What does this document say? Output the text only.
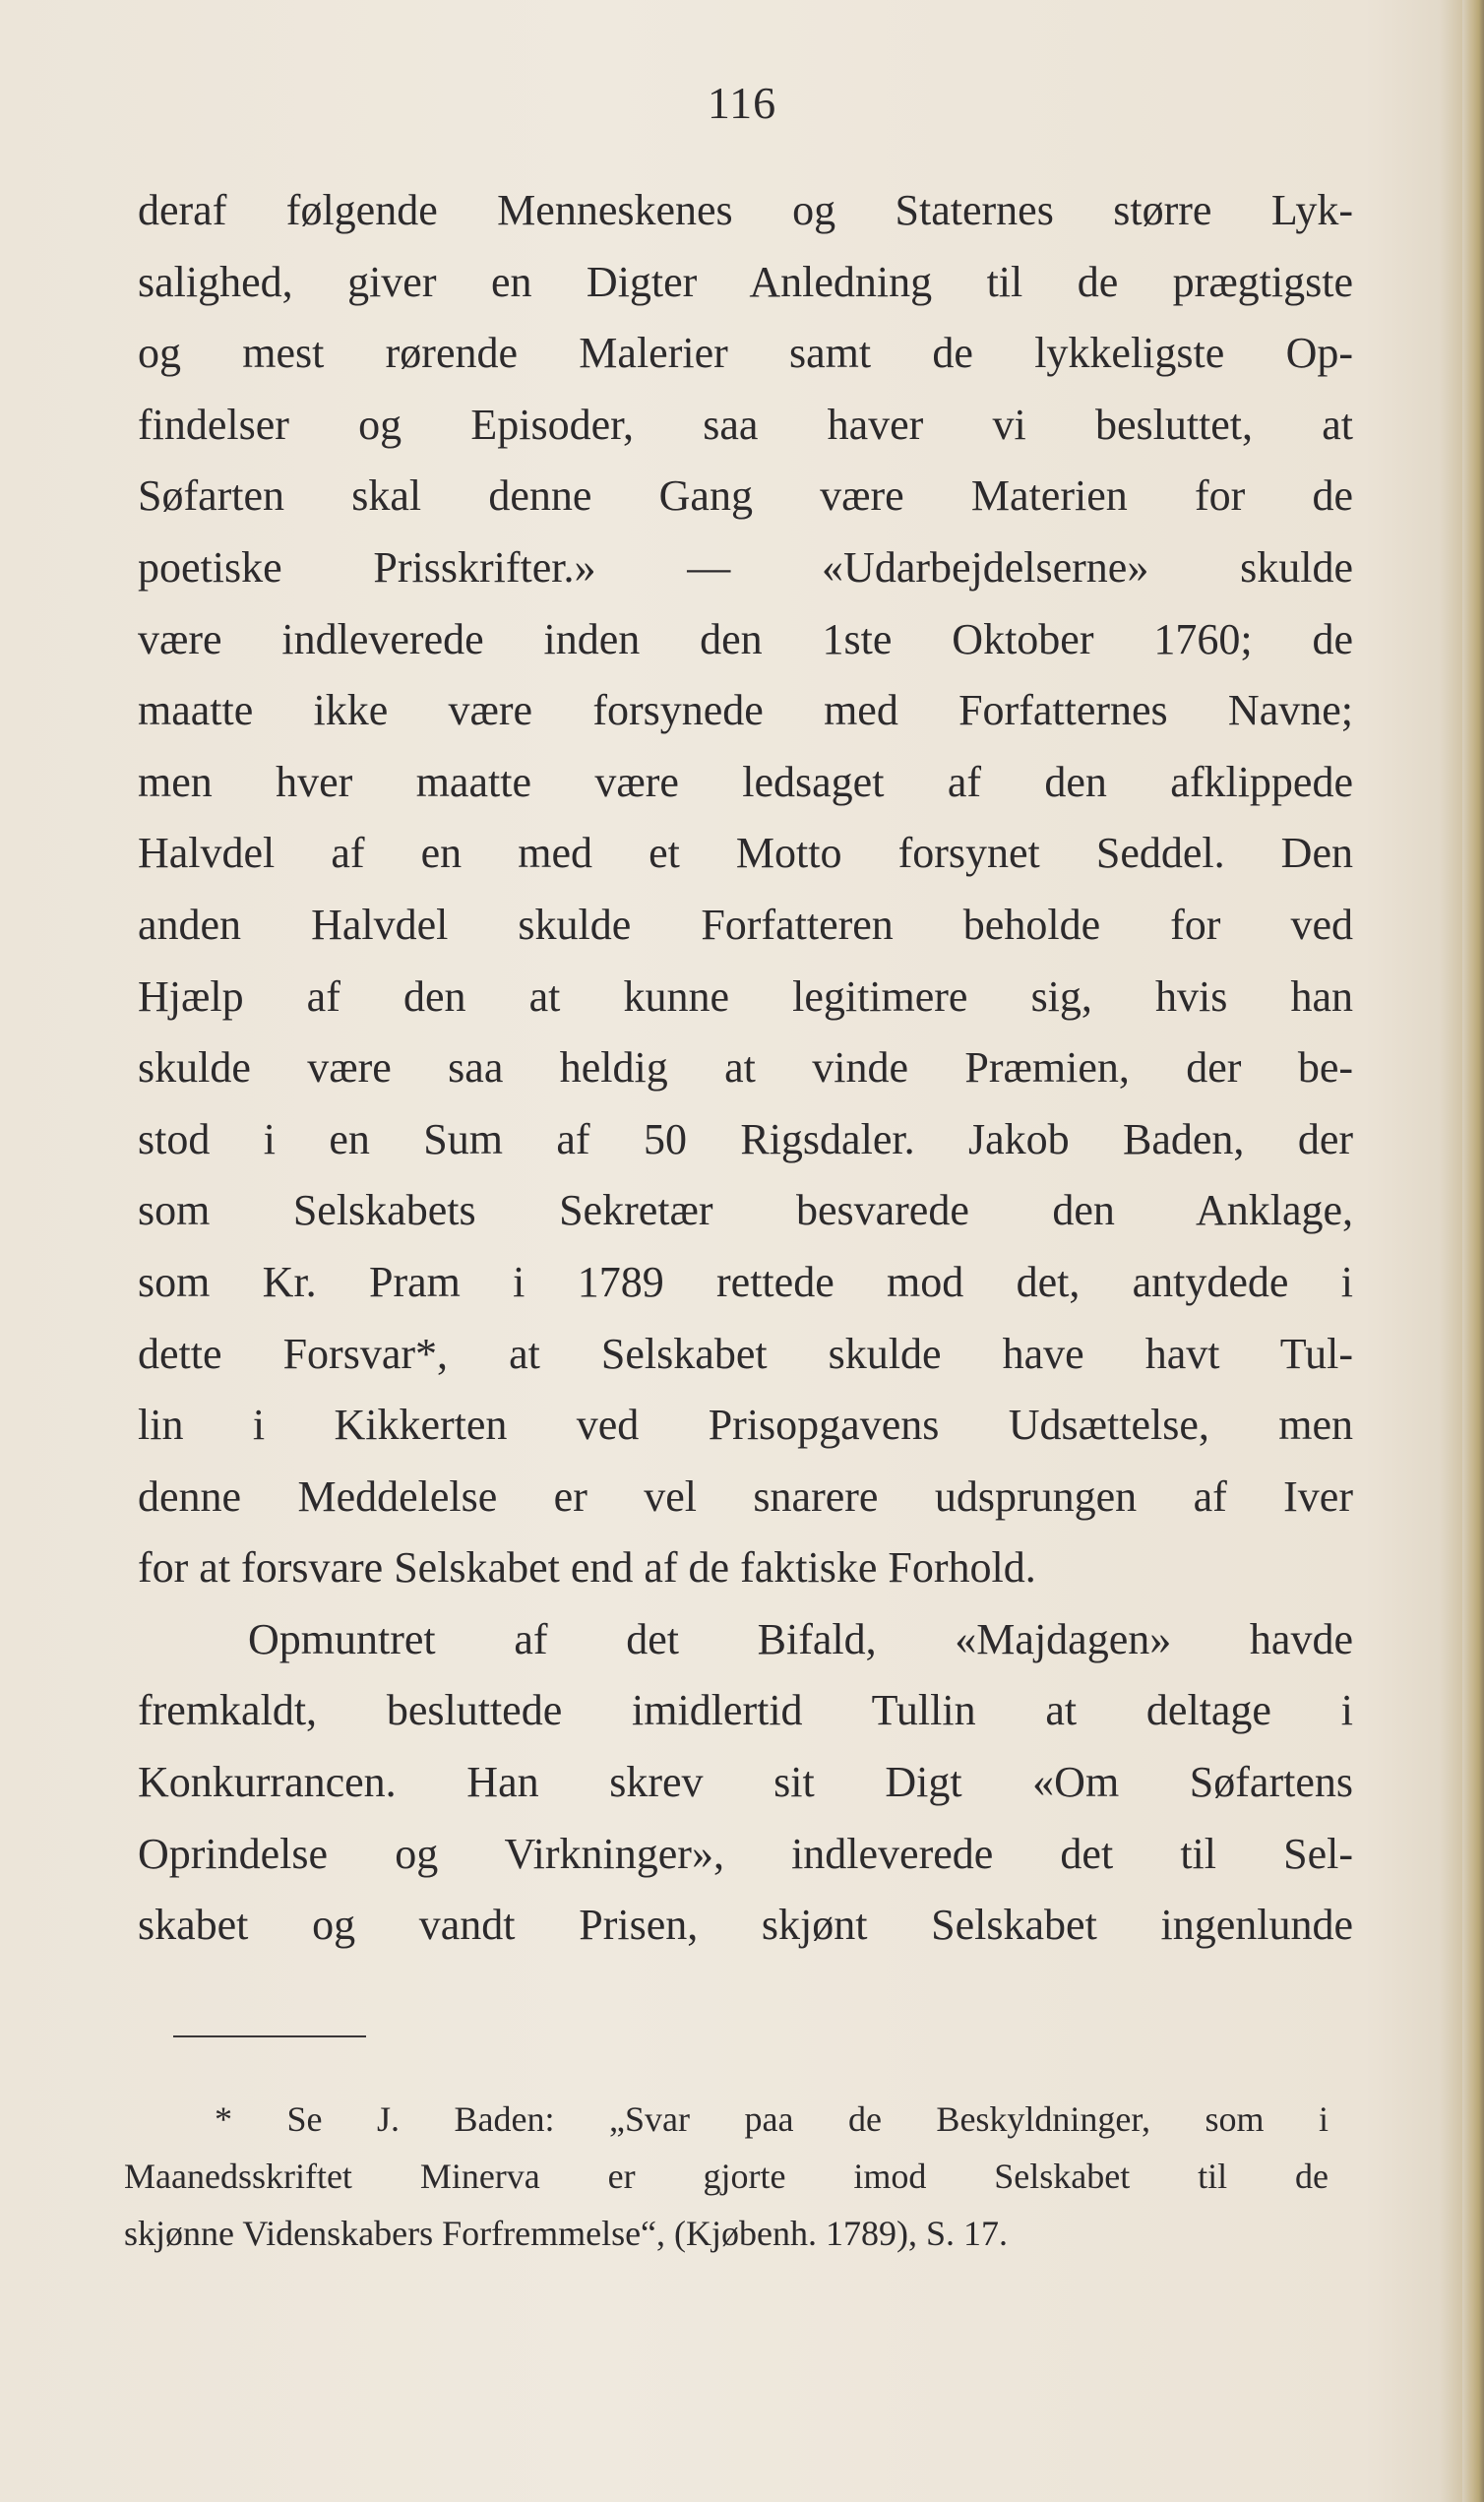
116
deraf følgende Menneskenes og Staternes større Lyk-
salighed, giver en Digter Anledning til de prægtigste
og mest rørende Malerier samt de lykkeligste Op-
findelser og Episoder, saa haver vi besluttet, at
Søfarten skal denne Gang være Materien for de
poetiske Prisskrifter.» — «Udarbejdelserne» skulde
være indleverede inden den 1ste Oktober 1760; de
maatte ikke være forsynede med Forfatternes Navne;
men hver maatte være ledsaget af den afklippede
Halvdel af en med et Motto forsynet Seddel. Den
anden Halvdel skulde Forfatteren beholde for ved
Hjælp af den at kunne legitimere sig, hvis han
skulde være saa heldig at vinde Præmien, der be-
stod i en Sum af 50 Rigsdaler. Jakob Baden, der
som Selskabets Sekretær besvarede den Anklage,
som Kr. Pram i 1789 rettede mod det, antydede i
dette Forsvar*, at Selskabet skulde have havt Tul-
lin i Kikkerten ved Prisopgavens Udsættelse, men
denne Meddelelse er vel snarere udsprungen af Iver
for at forsvare Selskabet end af de faktiske Forhold.
Opmuntret af det Bifald, «Majdagen» havde
fremkaldt, besluttede imidlertid Tullin at deltage i
Konkurrancen. Han skrev sit Digt «Om Søfartens
Oprindelse og Virkninger», indleverede det til Sel-
skabet og vandt Prisen, skjønt Selskabet ingenlunde
* Se J. Baden: „Svar paa de Beskyldninger, som i
Maanedsskriftet Minerva er gjorte imod Selskabet til de
skjønne Videnskabers Forfremmelse“, (Kjøbenh. 1789), S. 17.
